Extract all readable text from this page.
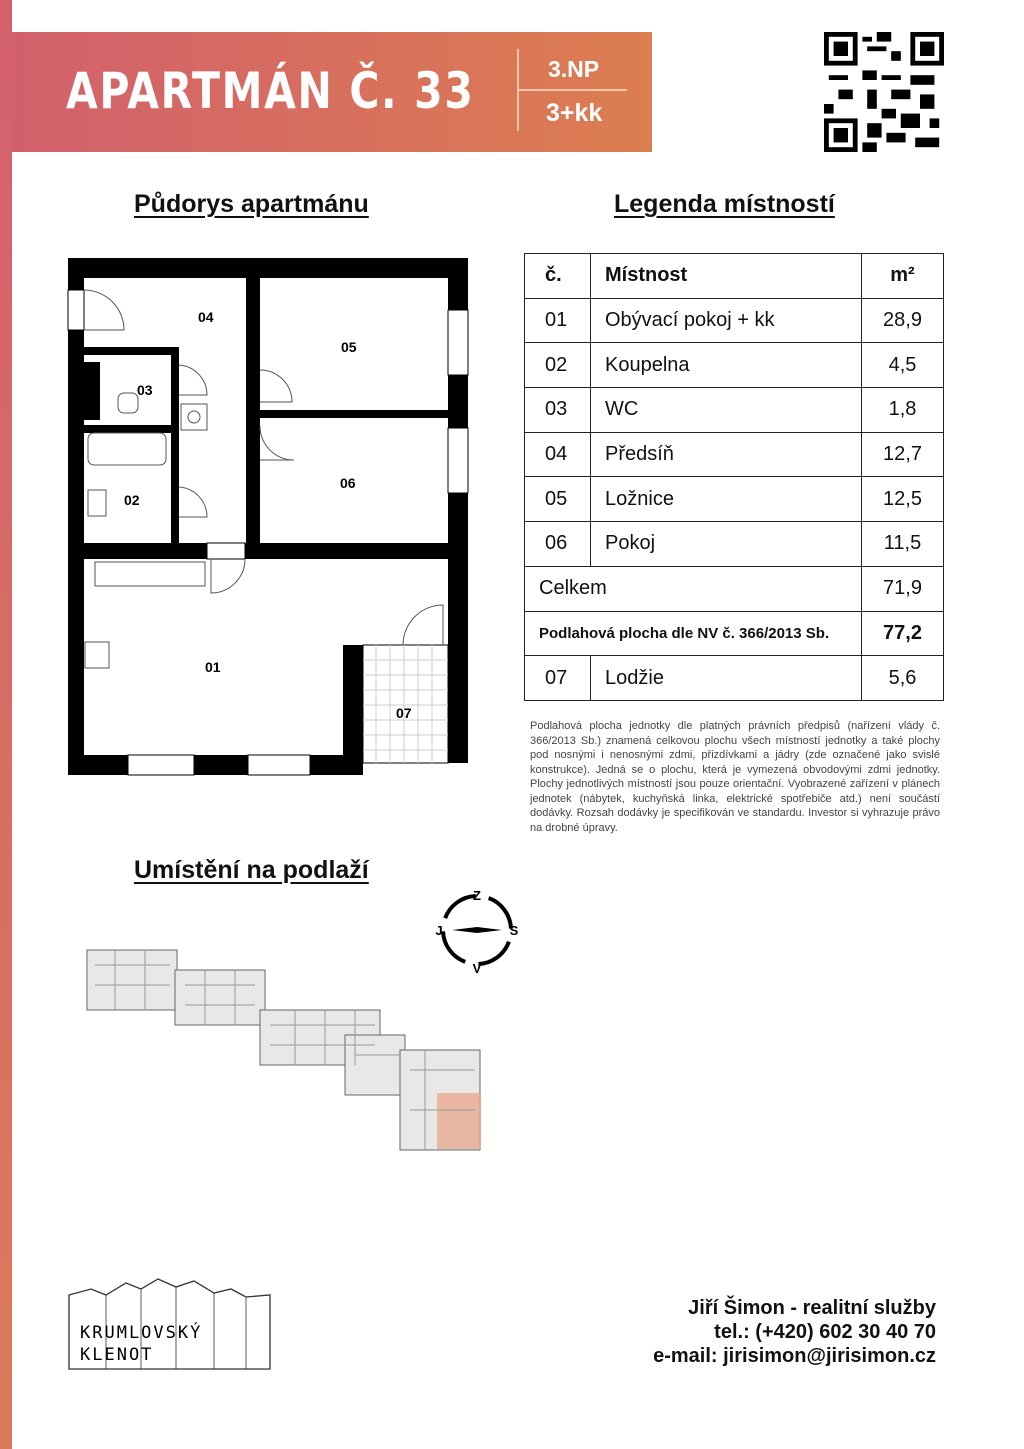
APARTMÁN Č. 33	3.NP
3+kk
Půdorys apartmánu	Legenda místností
Umístění na podlaží
04
05
03
06
02
01
07
č.	Místnost	m²
01	Obývací pokoj + kk	28,9
02	Koupelna	4,5
03	WC	1,8
04	Předsíň	12,7
05	Ložnice	12,5
06	Pokoj	11,5
Celkem		71,9
Podlahová plocha dle NV č. 366/2013 Sb.		77,2
07	Lodžie	5,6
Podlahová plocha jednotky dle platných právních předpisů (nařízení vlády č. 366/2013 Sb.) znamená celkovou plochu všech místností jednotky a také plochy pod nosnými i nenosnými zdmi, přizdívkami a jádry (zde označené jako svislé konstrukce). Jedná se o plochu, která je vymezená obvodovými zdmi jednotky. Plochy jednotlivých místností jsou pouze orientační. Vyobrazené zařízení v plánech jednotek (nábytek, kuchyňská linka, elektrické spotřebiče atd.) není součástí dodávky. Rozsah dodávky je specifikován ve standardu. Investor si vyhrazuje právo na drobné úpravy.
Z
V
J	S
KRUMLOVSKÝ
KLENOT
Jiří Šimon - realitní služby
tel.: (+420) 602 30 40 70
e-mail: jirisimon@jirisimon.cz
